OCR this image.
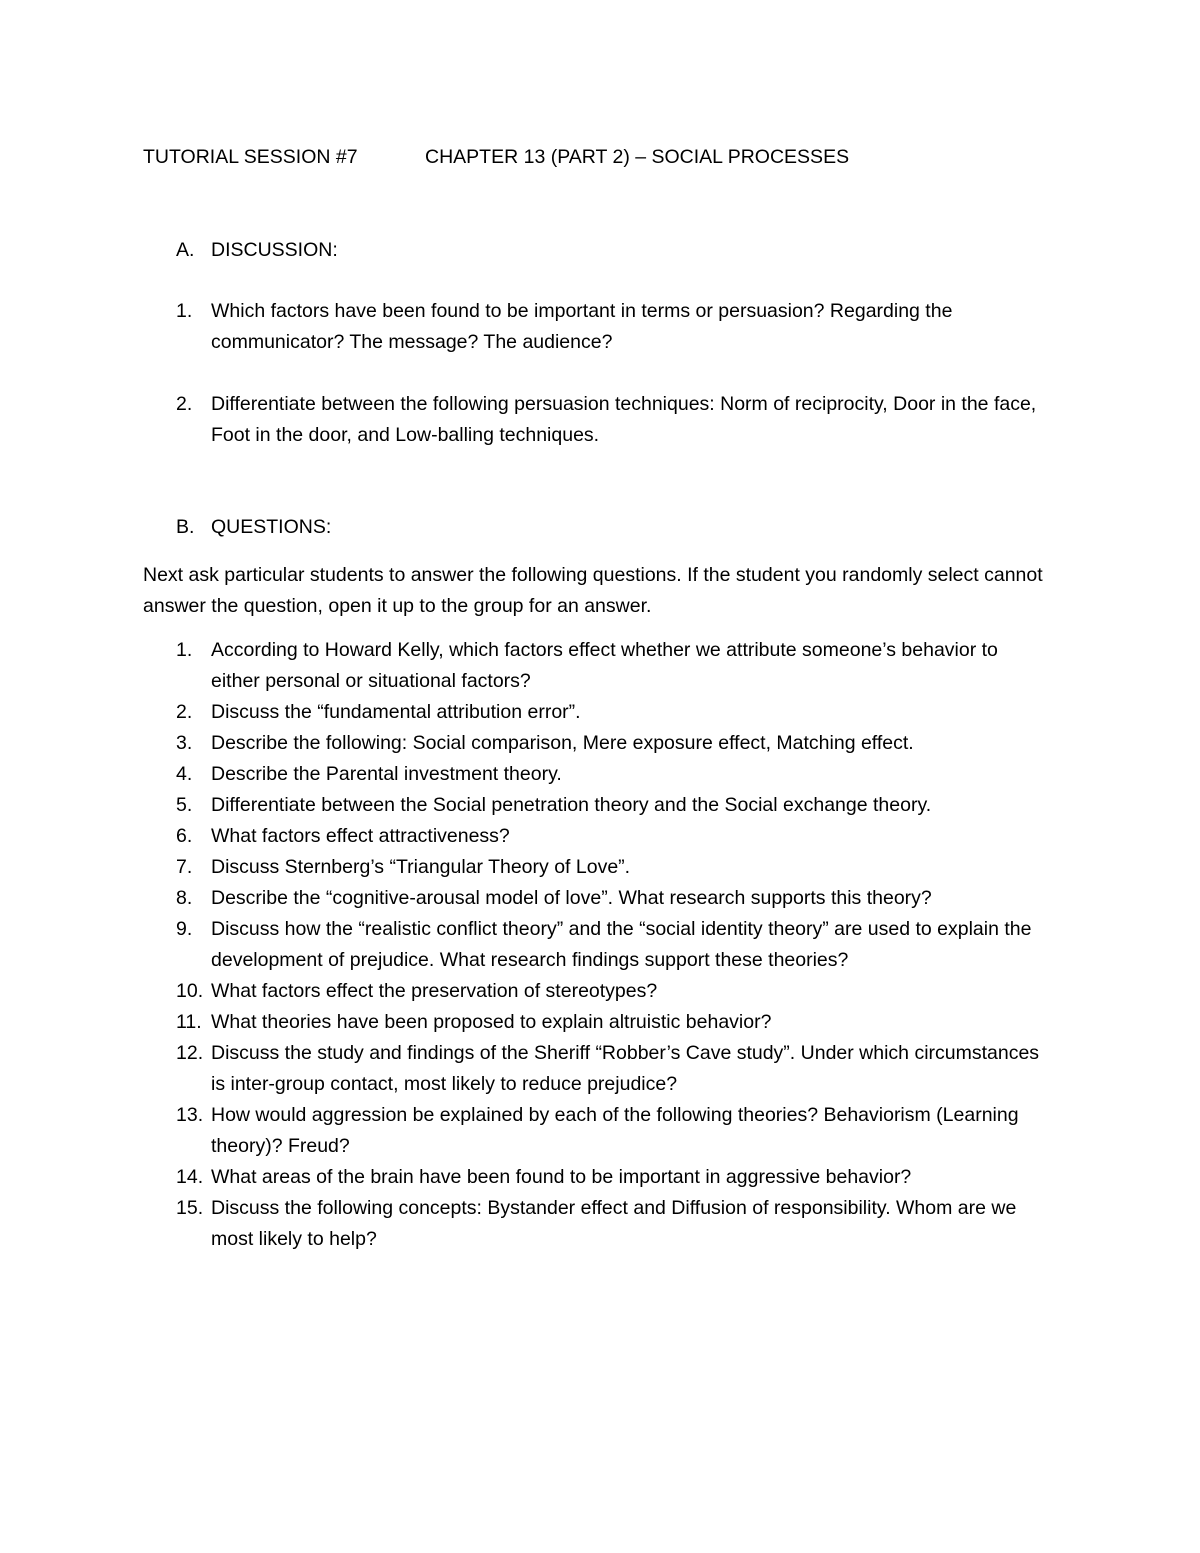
TUTORIAL SESSION #7	CHAPTER 13 (PART 2) – SOCIAL PROCESSES
A. DISCUSSION:
1. Which factors have been found to be important in terms or persuasion? Regarding the communicator? The message? The audience?
2. Differentiate between the following persuasion techniques: Norm of reciprocity, Door in the face, Foot in the door, and Low-balling techniques.
B. QUESTIONS:
Next ask particular students to answer the following questions. If the student you randomly select cannot answer the question, open it up to the group for an answer.
1. According to Howard Kelly, which factors effect whether we attribute someone’s behavior to either personal or situational factors?
2. Discuss the “fundamental attribution error”.
3. Describe the following: Social comparison, Mere exposure effect, Matching effect.
4. Describe the Parental investment theory.
5. Differentiate between the Social penetration theory and the Social exchange theory.
6. What factors effect attractiveness?
7. Discuss Sternberg’s “Triangular Theory of Love”.
8. Describe the “cognitive-arousal model of love”. What research supports this theory?
9. Discuss how the “realistic conflict theory” and the “social identity theory” are used to explain the development of prejudice. What research findings support these theories?
10. What factors effect the preservation of stereotypes?
11. What theories have been proposed to explain altruistic behavior?
12. Discuss the study and findings of the Sheriff “Robber’s Cave study”. Under which circumstances is inter-group contact, most likely to reduce prejudice?
13. How would aggression be explained by each of the following theories? Behaviorism (Learning theory)? Freud?
14. What areas of the brain have been found to be important in aggressive behavior?
15. Discuss the following concepts: Bystander effect and Diffusion of responsibility. Whom are we most likely to help?
